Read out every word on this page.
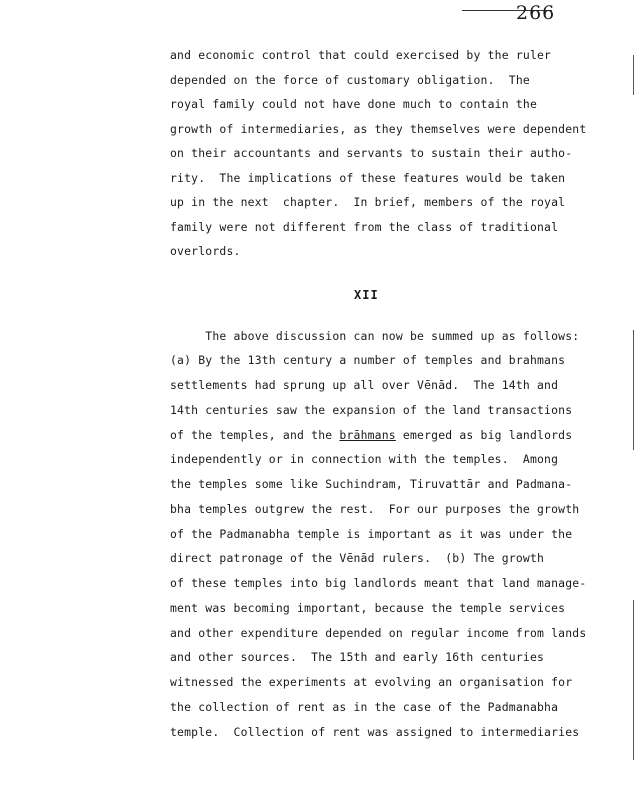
266
and economic control that could exercised by the ruler
depended on the force of customary obligation.  The
royal family could not have done much to contain the
growth of intermediaries, as they themselves were dependent
on their accountants and servants to sustain their autho-
rity.  The implications of these features would be taken
up in the next  chapter.  In brief, members of the royal
family were not different from the class of traditional
overlords.
XII
The above discussion can now be summed up as follows:
(a) By the 13th century a number of temples and brahmans
settlements had sprung up all over Vēnād.  The 14th and
14th centuries saw the expansion of the land transactions
of the temples, and the brāhmans emerged as big landlords
independently or in connection with the temples.  Among
the temples some like Suchindram, Tiruvattār and Padmana-
bha temples outgrew the rest.  For our purposes the growth
of the Padmanabha temple is important as it was under the
direct patronage of the Vēnād rulers.  (b) The growth
of these temples into big landlords meant that land manage-
ment was becoming important, because the temple services
and other expenditure depended on regular income from lands
and other sources.  The 15th and early 16th centuries
witnessed the experiments at evolving an organisation for
the collection of rent as in the case of the Padmanabha
temple.  Collection of rent was assigned to intermediaries
